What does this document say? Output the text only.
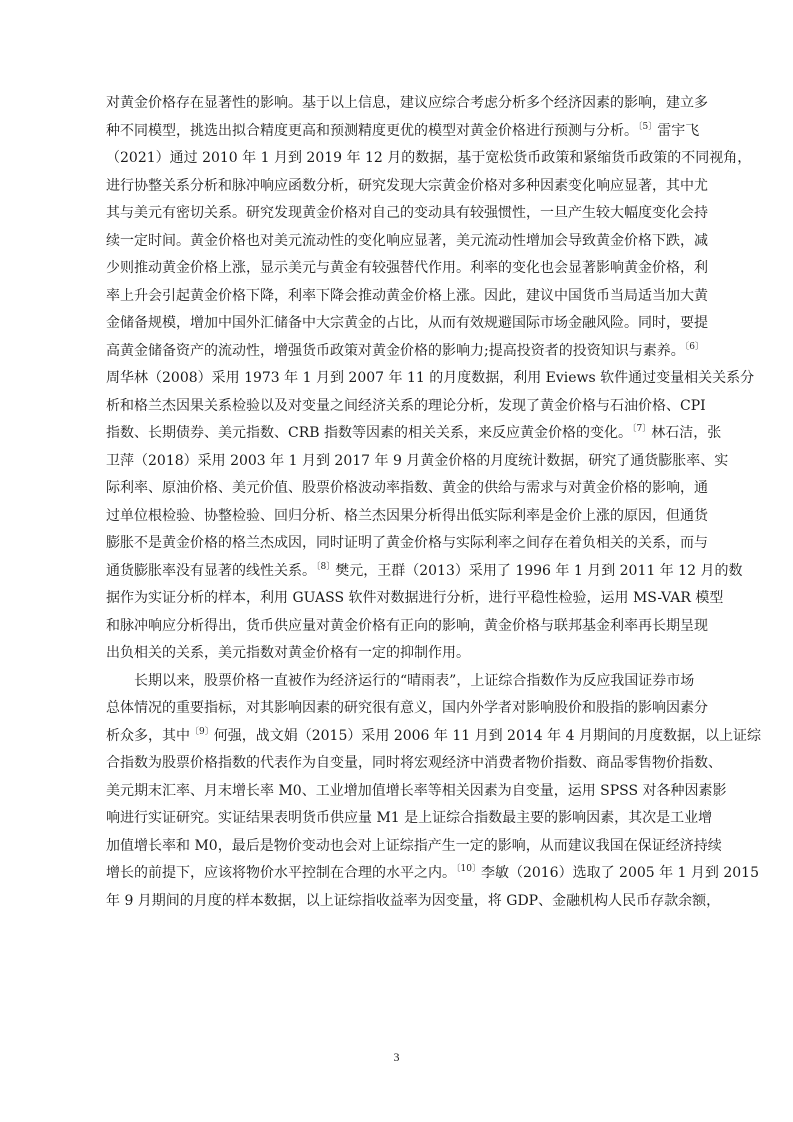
对黄金价格存在显著性的影响。基于以上信息，建议应综合考虑分析多个经济因素的影响，建立多
种不同模型，挑选出拟合精度更高和预测精度更优的模型对黄金价格进行预测与分析。$^{〔5〕}$雷宇飞
（2021）通过 2010 年 1 月到 2019 年 12 月的数据，基于宽松货币政策和紧缩货币政策的不同视角，
进行协整关系分析和脉冲响应函数分析，研究发现大宗黄金价格对多种因素变化响应显著，其中尤
其与美元有密切关系。研究发现黄金价格对自己的变动具有较强惯性，一旦产生较大幅度变化会持
续一定时间。黄金价格也对美元流动性的变化响应显著，美元流动性增加会导致黄金价格下跌，减
少则推动黄金价格上涨，显示美元与黄金有较强替代作用。利率的变化也会显著影响黄金价格，利
率上升会引起黄金价格下降，利率下降会推动黄金价格上涨。因此，建议中国货币当局适当加大黄
金储备规模，增加中国外汇储备中大宗黄金的占比，从而有效规避国际市场金融风险。同时，要提
高黄金储备资产的流动性，增强货币政策对黄金价格的影响力;提高投资者的投资知识与素养。$^{〔6〕}$
周华林（2008）采用 1973 年 1 月到 2007 年 11 的月度数据，利用 Eviews 软件通过变量相关关系分
析和格兰杰因果关系检验以及对变量之间经济关系的理论分析，发现了黄金价格与石油价格、CPI
指数、长期债券、美元指数、CRB 指数等因素的相关关系，来反应黄金价格的变化。$^{〔7〕}$林石洁，张
卫萍（2018）采用 2003 年 1 月到 2017 年 9 月黄金价格的月度统计数据，研究了通货膨胀率、实
际利率、原油价格、美元价值、股票价格波动率指数、黄金的供给与需求与对黄金价格的影响，通
过单位根检验、协整检验、回归分析、格兰杰因果分析得出低实际利率是金价上涨的原因，但通货
膨胀不是黄金价格的格兰杰成因，同时证明了黄金价格与实际利率之间存在着负相关的关系，而与
通货膨胀率没有显著的线性关系。$^{〔8〕}$樊元，王群（2013）采用了 1996 年 1 月到 2011 年 12 月的数
据作为实证分析的样本，利用 GUASS 软件对数据进行分析，进行平稳性检验，运用 MS-VAR 模型
和脉冲响应分析得出，货币供应量对黄金价格有正向的影响，黄金价格与联邦基金利率再长期呈现
出负相关的关系，美元指数对黄金价格有一定的抑制作用。
长期以来，股票价格一直被作为经济运行的“晴雨表”，上证综合指数作为反应我国证券市场
总体情况的重要指标，对其影响因素的研究很有意义，国内外学者对影响股价和股指的影响因素分
析众多，其中$^{〔9〕}$何强，战文娟（2015）采用 2006 年 11 月到 2014 年 4 月期间的月度数据，以上证综
合指数为股票价格指数的代表作为自变量，同时将宏观经济中消费者物价指数、商品零售物价指数、
美元期末汇率、月末增长率 M0、工业增加值增长率等相关因素为自变量，运用 SPSS 对各种因素影
响进行实证研究。实证结果表明货币供应量 M1 是上证综合指数最主要的影响因素，其次是工业增
加值增长率和 M0，最后是物价变动也会对上证综指产生一定的影响，从而建议我国在保证经济持续
增长的前提下，应该将物价水平控制在合理的水平之内。$^{〔10〕}$李敏（2016）选取了 2005 年 1 月到 2015
年 9 月期间的月度的样本数据，以上证综指收益率为因变量，将 GDP、金融机构人民币存款余额，
3
